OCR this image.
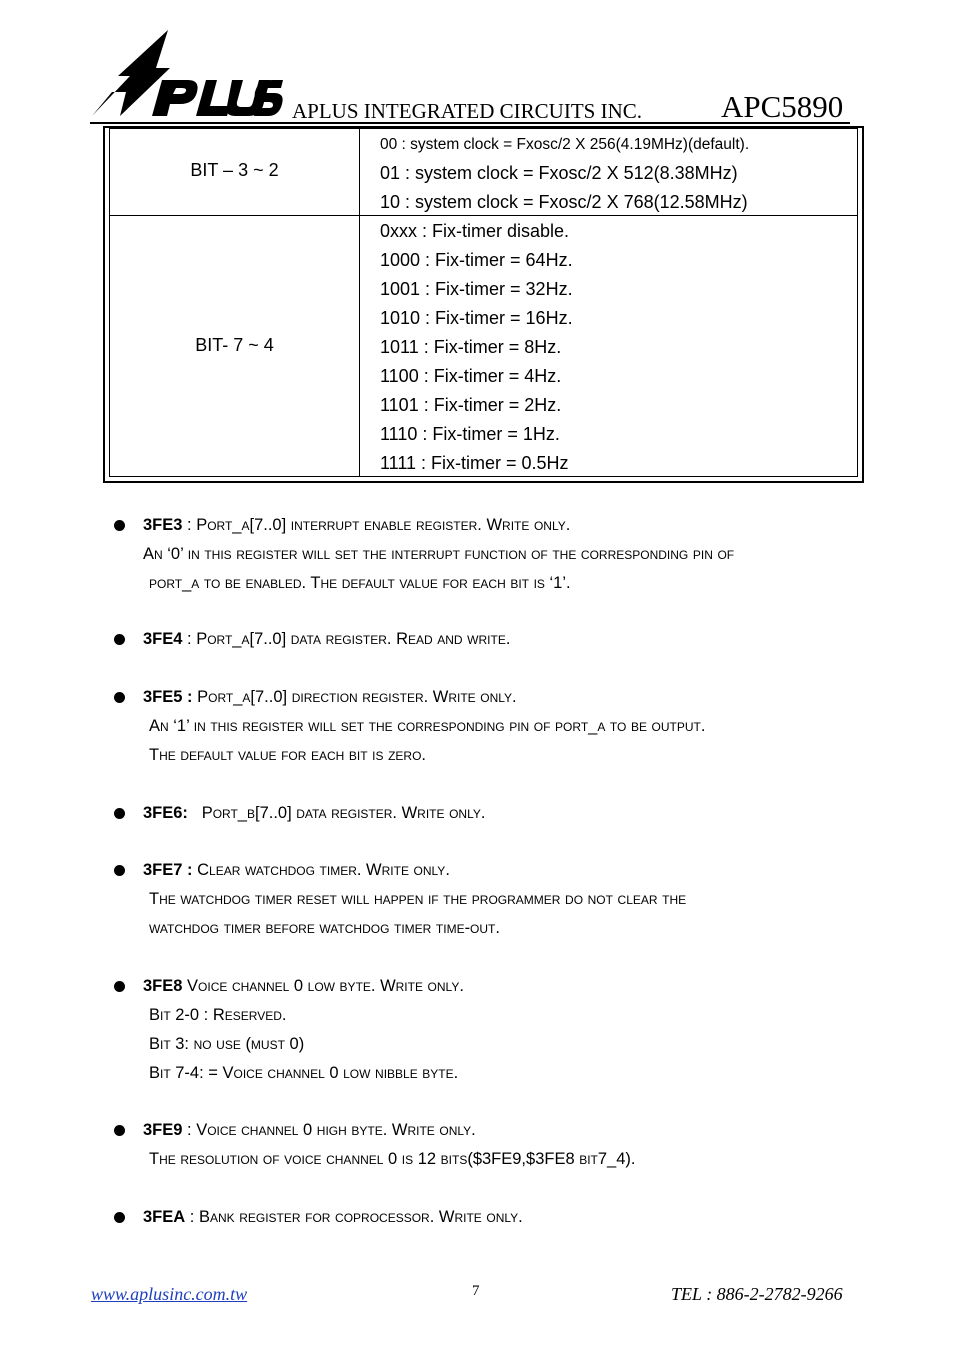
APLUS INTEGRATED CIRCUITS INC.	APC5890
BIT – 3 ~ 2
00 : system clock = Fxosc/2 X 256(4.19MHz)(default).
01 : system clock = Fxosc/2 X 512(8.38MHz)
10 : system clock = Fxosc/2 X 768(12.58MHz)
BIT- 7 ~ 4
0xxx : Fix-timer disable.
1000 : Fix-timer = 64Hz.
1001 : Fix-timer = 32Hz.
1010 : Fix-timer = 16Hz.
1011 : Fix-timer = 8Hz.
1100 : Fix-timer = 4Hz.
1101 : Fix-timer = 2Hz.
1110 : Fix-timer = 1Hz.
1111 : Fix-timer = 0.5Hz
3FE3 : Port_a[7..0] interrupt enable register. Write only.
An ‘0’ in this register will set the interrupt function of the corresponding pin of
port_a to be enabled. The default value for each bit is ‘1’.
3FE4 : Port_a[7..0] data register. Read and write.
3FE5 : Port_a[7..0] direction register. Write only.
An ‘1’ in this register will set the corresponding pin of port_a to be output.
The default value for each bit is zero.
3FE6:   Port_b[7..0] data register. Write only.
3FE7 : Clear watchdog timer. Write only.
The watchdog timer reset will happen if the programmer do not clear the
watchdog timer before watchdog timer time-out.
3FE8 Voice channel 0 low byte. Write only.
Bit 2-0 : Reserved.
Bit 3: no use (must 0)
Bit 7-4: = Voice channel 0 low nibble byte.
3FE9 : Voice channel 0 high byte. Write only.
The resolution of voice channel 0 is 12 bits($3FE9,$3FE8 bit7_4).
3FEA : Bank register for coprocessor. Write only.
www.aplusinc.com.tw	7	TEL : 886-2-2782-9266
